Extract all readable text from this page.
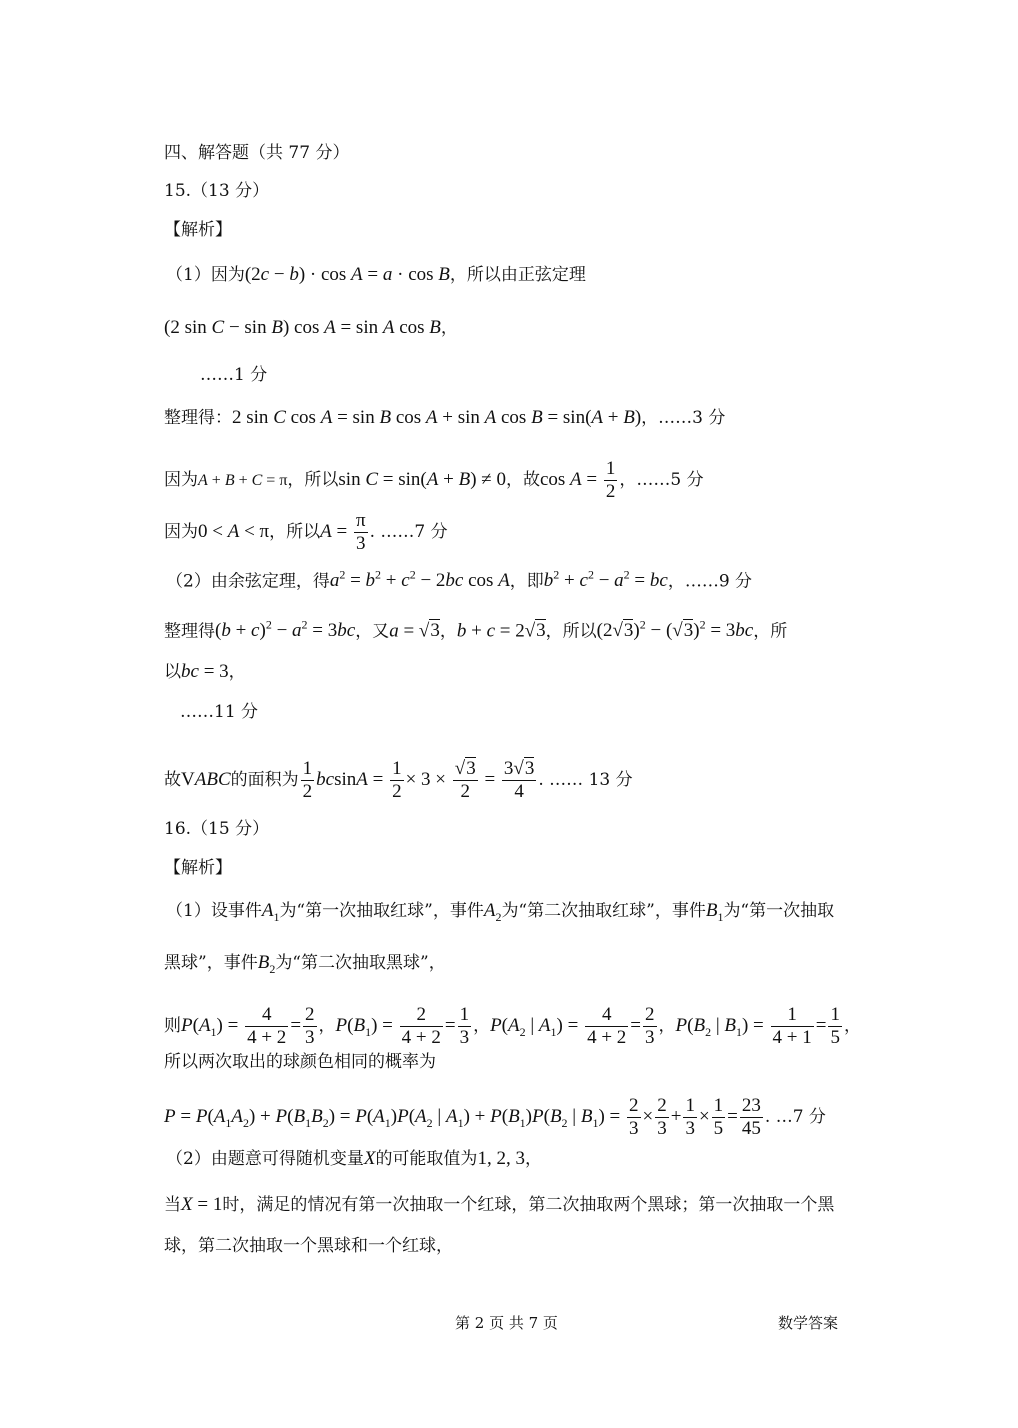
四、解答题（共 77 分）
15.（13 分）
【解析】
（1）因为(2c − b) · cos A = a · cos B，所以由正弦定理
(2 sin C − sin B) cos A = sin A cos B，
……1 分
整理得：2 sin C cos A = sin B cos A + sin A cos B = sin(A + B)，……3 分
因为A + B + C = π，所以sin C = sin(A + B) ≠ 0，故$\cos A = \frac{1}{2}$ ，……5 分
因为0 < A < π，所以$A = \frac{\pi}{3}$ . ……7 分
（2）由余弦定理，得$a^2 = b^2 + c^2 - 2bc$ cos A，即$b^2 + c^2 - a^2$ = bc，……9 分
整理得$(b + c)^2 - a^2 = 3bc$，又a = √3，b + c = 2√3，所以$(2√3)^2 - (√3)^2 = 3bc$，所
以bc = 3，
……11 分
故VABC的面积为 $\frac{1}{2}$ $bcsinA = \frac{1}{2} \times 3 \times \frac{√3}{2} = \frac{3√3}{4}$ . …… 13 分
16.（15 分）
【解析】
（1）设事件$A_1$为“第一次抽取红球”，事件$A_2$为“第二次抽取红球”，事件$B_1$为“第一次抽取
黑球”，事件$B_2$为“第二次抽取黑球”，
则$P(A_1) = \frac{4}{4 + 2} = \frac{2}{3}$ ，$P(B_1) = \frac{2}{4 + 2} = \frac{1}{3}$ ，$P(A_2$ | $A_1) = \frac{4}{4 + 2} = \frac{2}{3}$ ，$P(B_2$ | $B_1) = \frac{1}{4 + 1} = \frac{1}{5}$ ，
所以两次取出的球颜色相同的概率为
$P = P(A_1A_2) + P(B_1B_2) = P(A_1)P(A_2$ | $A_1) + P(B_1)P(B_2$ | $B_1) = \frac{2}{3} \times \frac{2}{3} + \frac{1}{3} \times \frac{1}{5} = \frac{23}{45}$ . …7 分
（2）由题意可得随机变量X的可能取值为1, 2, 3，
当X = 1时，满足的情况有第一次抽取一个红球，第二次抽取两个黑球；第一次抽取一个黑
球，第二次抽取一个黑球和一个红球，
第 2 页 共 7 页	数学答案
